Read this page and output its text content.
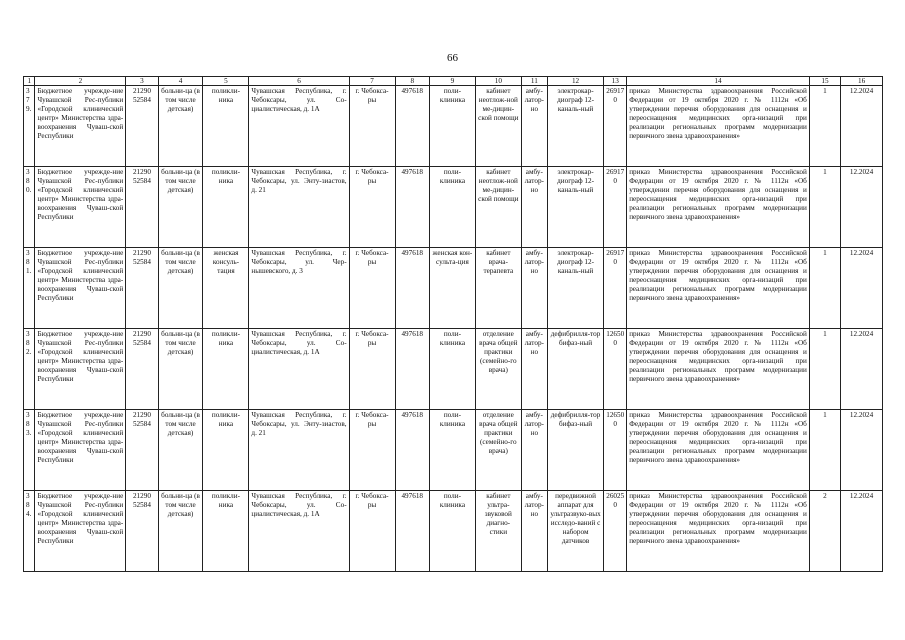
66
1	2	3	4	5	6	7	8	9	10	11	12	13	14	15	16
379.	Бюджетное учрежде-ние Чувашской Рес-публики «Городской клинический центр» Министерства здра-воохранения Чуваш-ской Республики	21290 52584	больни-ца (в том числе детская)	поликли-ника	Чувашская Республика, г. Чебоксары, ул. Со-циалистическая, д. 1А	г. Чебокса-ры	497618	поли-клиника	кабинет неотлож-ной ме-дицин-ской помощи	амбу-латор-но	электрокар-диограф 12-каналь-ный	269170	приказ Министерства здравоохранения Российской Федерации от 19 октября 2020 г. № 1112н «Об утверждении перечня оборудования для оснащения и переоснащения медицинских орга-низаций при реализации региональных программ модернизации первичного звена здравоохранения»	1	12.2024
380.	Бюджетное учрежде-ние Чувашской Рес-публики «Городской клинический центр» Министерства здра-воохранения Чуваш-ской Республики	21290 52584	больни-ца (в том числе детская)	поликли-ника	Чувашская Республика, г. Чебоксары, ул. Энту-зиастов, д. 21	г. Чебокса-ры	497618	поли-клиника	кабинет неотлож-ной ме-дицин-ской помощи	амбу-латор-но	электрокар-диограф 12-каналь-ный	269170	приказ Министерства здравоохранения Российской Федерации от 19 октября 2020 г. № 1112н «Об утверждении перечня оборудования для оснащения и переоснащения медицинских орга-низаций при реализации региональных программ модернизации первичного звена здравоохранения»	1	12.2024
381.	Бюджетное учрежде-ние Чувашской Рес-публики «Городской клинический центр» Министерства здра-воохранения Чуваш-ской Республики	21290 52584	больни-ца (в том числе детская)	женская консуль-тация	Чувашская Республика, г. Чебоксары, ул. Чер-нышевского, д. 3	г. Чебокса-ры	497618	женская кон-сульта-ция	кабинет врача-терапевта	амбу-латор-но	электрокар-диограф 12-каналь-ный	269170	приказ Министерства здравоохранения Российской Федерации от 19 октября 2020 г. № 1112н «Об утверждении перечня оборудования для оснащения и переоснащения медицинских орга-низаций при реализации региональных программ модернизации первичного звена здравоохранения»	1	12.2024
382.	Бюджетное учрежде-ние Чувашской Рес-публики «Городской клинический центр» Министерства здра-воохранения Чуваш-ской Республики	21290 52584	больни-ца (в том числе детская)	поликли-ника	Чувашская Республика, г. Чебоксары, ул. Со-циалистическая, д. 1А	г. Чебокса-ры	497618	поли-клиника	отделение врача общей практики (семейно-го врача)	амбу-латор-но	дефибрилля-тор бифаз-ный	126500	приказ Министерства здравоохранения Российской Федерации от 19 октября 2020 г. № 1112н «Об утверждении перечня оборудования для оснащения и переоснащения медицинских орга-низаций при реализации региональных программ модернизации первичного звена здравоохранения»	1	12.2024
383.	Бюджетное учрежде-ние Чувашской Рес-публики «Городской клинический центр» Министерства здра-воохранения Чуваш-ской Республики	21290 52584	больни-ца (в том числе детская)	поликли-ника	Чувашская Республика, г. Чебоксары, ул. Энту-зиастов, д. 21	г. Чебокса-ры	497618	поли-клиника	отделение врача общей практики (семейно-го врача)	амбу-латор-но	дефибрилля-тор бифаз-ный	126500	приказ Министерства здравоохранения Российской Федерации от 19 октября 2020 г. № 1112н «Об утверждении перечня оборудования для оснащения и переоснащения медицинских орга-низаций при реализации региональных программ модернизации первичного звена здравоохранения»	1	12.2024
384.	Бюджетное учрежде-ние Чувашской Рес-публики «Городской клинический центр» Министерства здра-воохранения Чуваш-ской Республики	21290 52584	больни-ца (в том числе детская)	поликли-ника	Чувашская Республика, г. Чебоксары, ул. Со-циалистическая, д. 1А	г. Чебокса-ры	497618	поли-клиника	кабинет ультра-звуковой диагно-стики	амбу-латор-но	передвижной аппарат для ультразвуко-вых исследо-ваний с набором датчиков	260250	приказ Министерства здравоохранения Российской Федерации от 19 октября 2020 г. № 1112н «Об утверждении перечня оборудования для оснащения и переоснащения медицинских орга-низаций при реализации региональных программ модернизации первичного звена здравоохранения»	2	12.2024
